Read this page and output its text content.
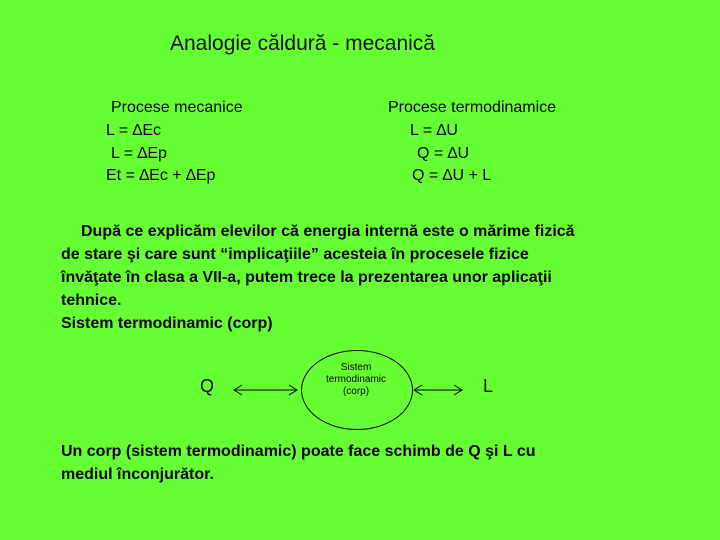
Analogie căldură - mecanică
Procese mecanice
L = ∆Ec
L = ∆Ep
Et = ∆Ec + ∆Ep
Procese termodinamice
L = ∆U
Q = ∆U
Q = ∆U + L
După ce explicăm elevilor că energia internă este o mărime fizică
de stare şi care sunt “implicaţiile” acesteia în procesele fizice
învăţate în clasa a VII-a, putem trece la prezentarea unor aplicaţii
tehnice.
Sistem termodinamic (corp)
Q	L
Sistem
termodinamic
(corp)
Un corp (sistem termodinamic) poate face schimb de Q şi L cu
mediul înconjurător.
